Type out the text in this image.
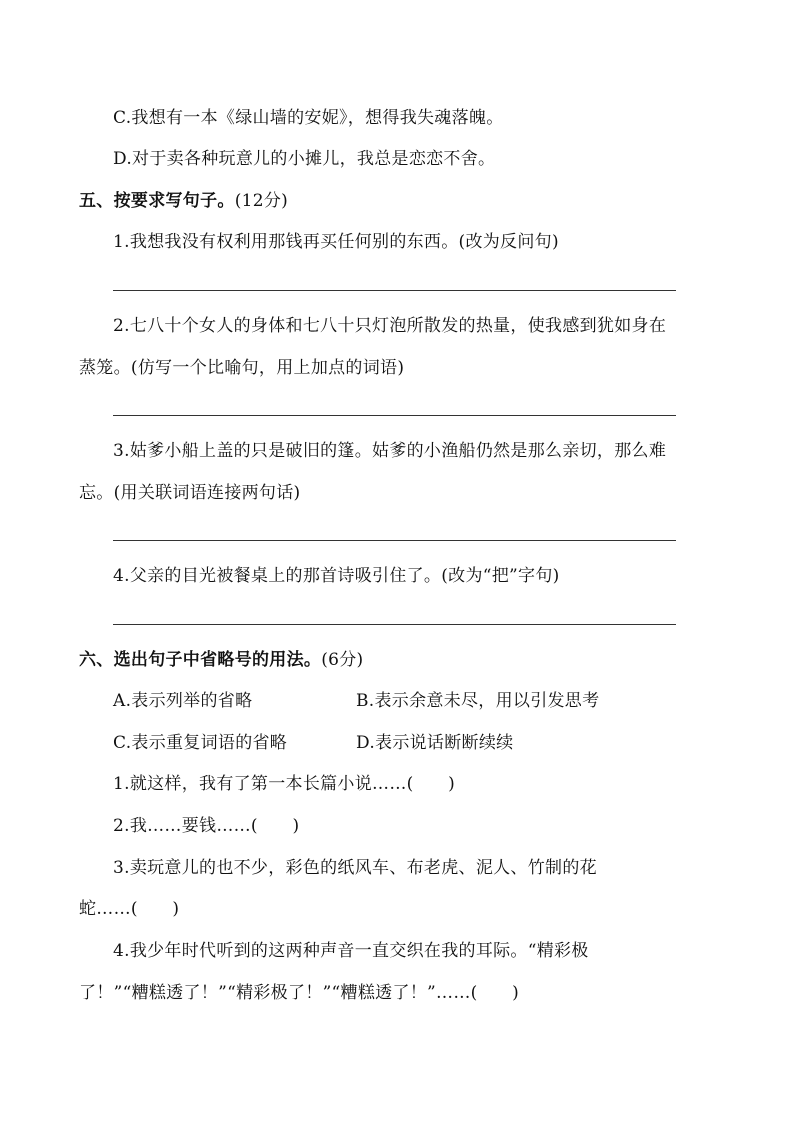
C.我想有一本《绿山墙的安妮》，想得我失魂落魄。
D.对于卖各种玩意儿的小摊儿，我总是恋恋不舍。
五、按要求写句子。(12分)
1.我想我没有权利用那钱再买任何别的东西。(改为反问句)
2.七八十个女人的身体和七八十只灯泡所散发的热量，使我感到犹如身在
蒸笼。(仿写一个比喻句，用上加点的词语)
3.姑爹小船上盖的只是破旧的篷。姑爹的小渔船仍然是那么亲切，那么难
忘。(用关联词语连接两句话)
4.父亲的目光被餐桌上的那首诗吸引住了。(改为“把”字句)
六、选出句子中省略号的用法。(6分)
A.表示列举的省略	B.表示余意未尽，用以引发思考
C.表示重复词语的省略	D.表示说话断断续续
1.就这样，我有了第一本长篇小说……(　　)
2.我……要钱……(　　)
3.卖玩意儿的也不少，彩色的纸风车、布老虎、泥人、竹制的花
蛇……(　　)
4.我少年时代听到的这两种声音一直交织在我的耳际。“精彩极
了！”“糟糕透了！”“精彩极了！”“糟糕透了！”……(　　)
